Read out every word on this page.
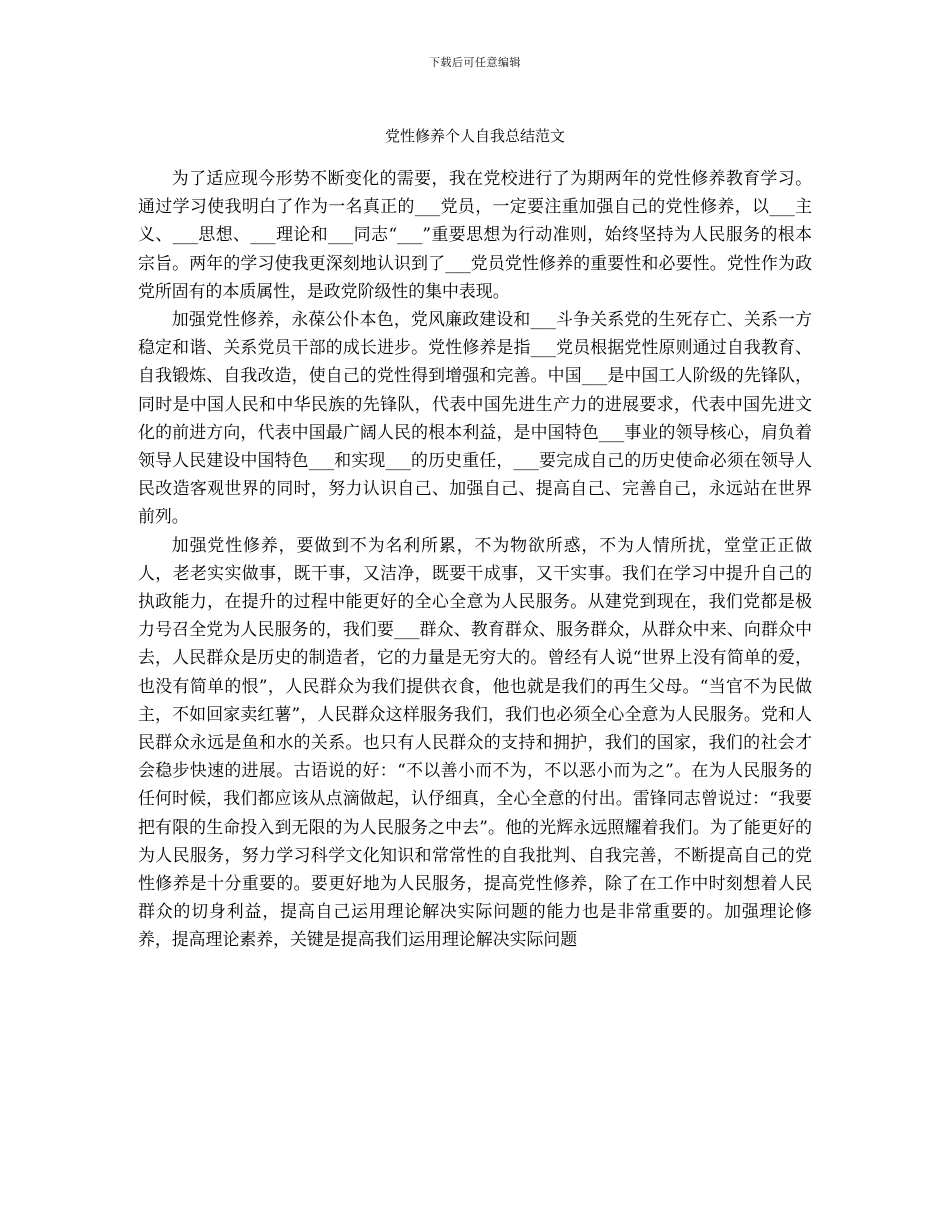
下载后可任意编辑
党性修养个人自我总结范文

为了适应现今形势不断变化的需要，我在党校进行了为期两年的党性修养教育学习。通过学习使我明白了作为一名真正的___党员，一定要注重加强自己的党性修养，以___主义、___思想、___理论和___同志“___”重要思想为行动准则，始终坚持为人民服务的根本宗旨。两年的学习使我更深刻地认识到了___党员党性修养的重要性和必要性。党性作为政党所固有的本质属性，是政党阶级性的集中表现。

加强党性修养，永葆公仆本色，党风廉政建设和___斗争关系党的生死存亡、关系一方稳定和谐、关系党员干部的成长进步。党性修养是指___党员根据党性原则通过自我教育、自我锻炼、自我改造，使自己的党性得到增强和完善。中国___是中国工人阶级的先锋队，同时是中国人民和中华民族的先锋队，代表中国先进生产力的进展要求，代表中国先进文化的前进方向，代表中国最广阔人民的根本利益，是中国特色___事业的领导核心，肩负着领导人民建设中国特色___和实现___的历史重任，___要完成自己的历史使命必须在领导人民改造客观世界的同时，努力认识自己、加强自己、提高自己、完善自己，永远站在世界前列。

加强党性修养，要做到不为名利所累，不为物欲所惑，不为人情所扰，堂堂正正做人，老老实实做事，既干事，又洁净，既要干成事，又干实事。我们在学习中提升自己的执政能力，在提升的过程中能更好的全心全意为人民服务。从建党到现在，我们党都是极力号召全党为人民服务的，我们要___群众、教育群众、服务群众，从群众中来、向群众中去，人民群众是历史的制造者，它的力量是无穷大的。曾经有人说“世界上没有简单的爱，也没有简单的恨”，人民群众为我们提供衣食，他也就是我们的再生父母。“当官不为民做主，不如回家卖红薯”，人民群众这样服务我们，我们也必须全心全意为人民服务。党和人民群众永远是鱼和水的关系。也只有人民群众的支持和拥护，我们的国家，我们的社会才会稳步快速的进展。古语说的好：“不以善小而不为，不以恶小而为之”。在为人民服务的任何时候，我们都应该从点滴做起，认伃细真，全心全意的付出。雷锋同志曾说过：“我要把有限的生命投入到无限的为人民服务之中去”。他的光辉永远照耀着我们。为了能更好的为人民服务，努力学习科学文化知识和常常性的自我批判、自我完善，不断提高自己的党性修养是十分重要的。要更好地为人民服务，提高党性修养，除了在工作中时刻想着人民群众的切身利益，提高自己运用理论解决实际问题的能力也是非常重要的。加强理论修养，提高理论素养，关键是提高我们运用理论解决实际问题
